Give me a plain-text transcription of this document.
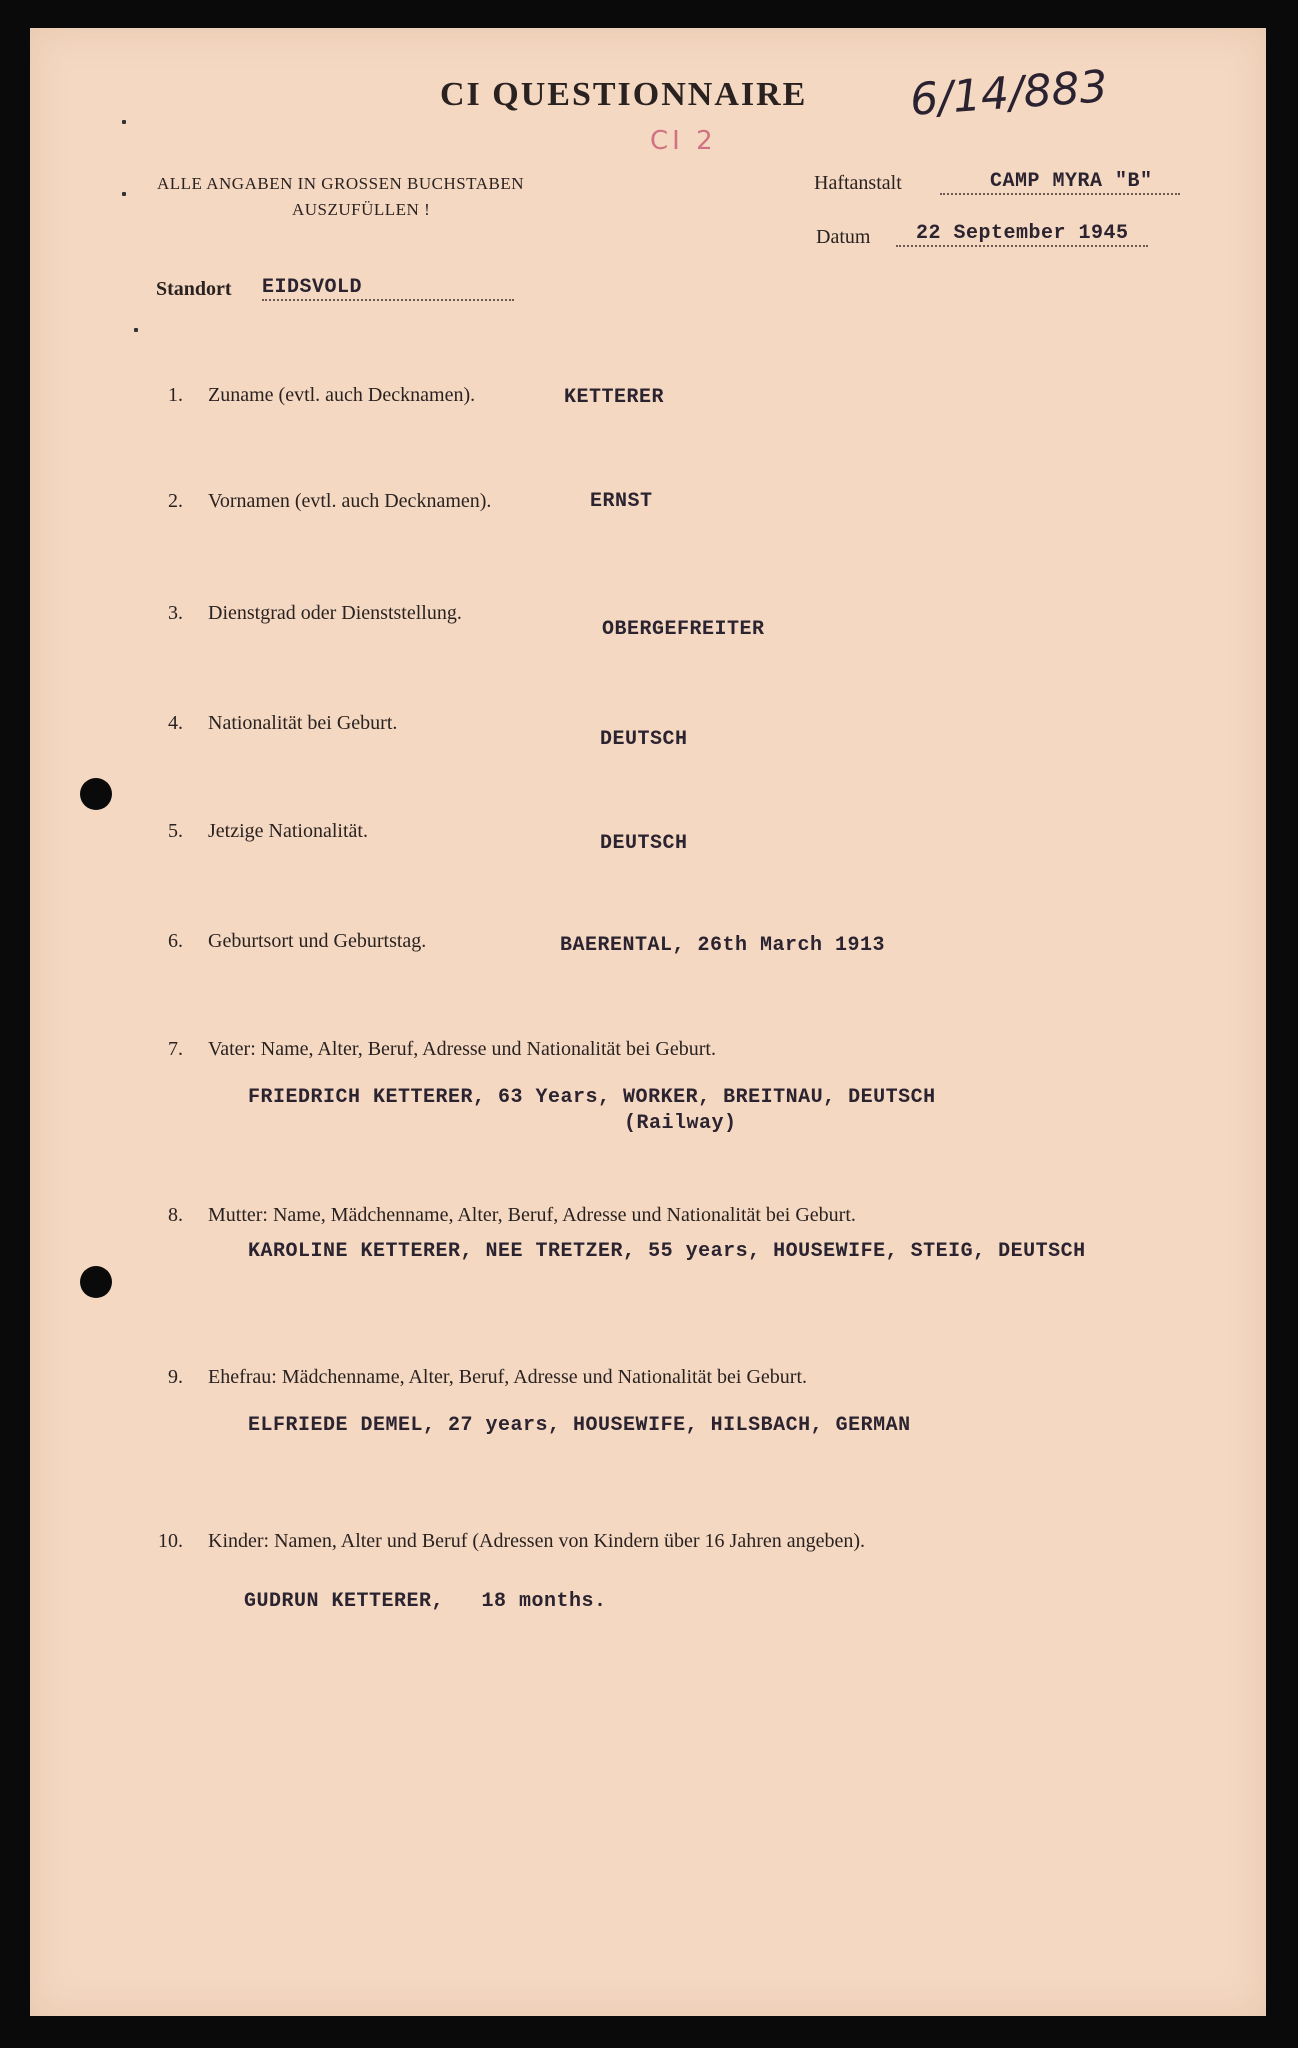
CI QUESTIONNAIRE 6/14/883
CI 2
ALLE ANGABEN IN GROSSEN BUCHSTABEN
AUSZUFÜLLEN !
Haftanstalt	CAMP MYRA "B"
Datum	22 September 1945
Standort EIDSVOLD
1. Zuname (evtl. auch Decknamen).	KETTERER
2. Vornamen (evtl. auch Decknamen).	ERNST
3. Dienstgrad oder Dienststellung.
OBERGEFREITER
4. Nationalität bei Geburt.
DEUTSCH
5. Jetzige Nationalität.
DEUTSCH
6. Geburtsort und Geburtstag.	BAERENTAL, 26th March 1913
7. Vater: Name, Alter, Beruf, Adresse und Nationalität bei Geburt.
FRIEDRICH KETTERER, 63 Years, WORKER, BREITNAU, DEUTSCH
(Railway)
8. Mutter: Name, Mädchenname, Alter, Beruf, Adresse und Nationalität bei Geburt.
KAROLINE KETTERER, NEE TRETZER, 55 years, HOUSEWIFE, STEIG, DEUTSCH
9. Ehefrau: Mädchenname, Alter, Beruf, Adresse und Nationalität bei Geburt.
ELFRIEDE DEMEL, 27 years, HOUSEWIFE, HILSBACH, GERMAN
10. Kinder: Namen, Alter und Beruf (Adressen von Kindern über 16 Jahren angeben).
GUDRUN KETTERER,   18 months.
